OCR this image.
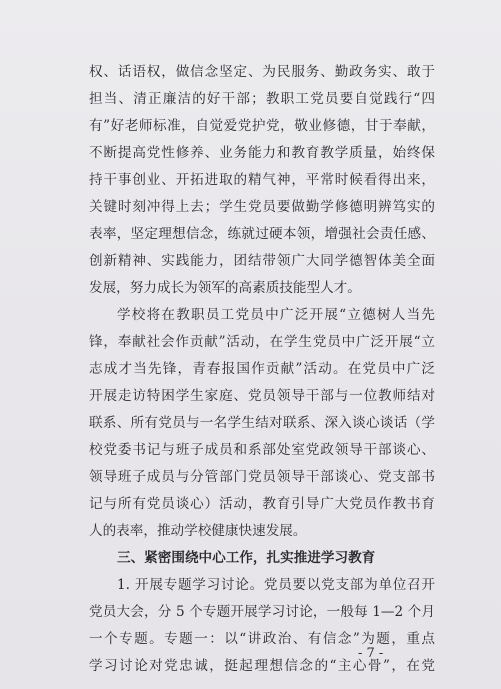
权、话语权，做信念坚定、为民服务、勤政务实、敢于
担当、清正廉洁的好干部；教职工党员要自觉践行“四
有”好老师标准，自觉爱党护党，敬业修德，甘于奉献，
不断提高党性修养、业务能力和教育教学质量，始终保
持干事创业、开拓进取的精气神，平常时候看得出来，
关键时刻冲得上去；学生党员要做勤学修德明辨笃实的
表率，坚定理想信念，练就过硬本领，增强社会责任感、
创新精神、实践能力，团结带领广大同学德智体美全面
发展，努力成长为领军的高素质技能型人才。
学校将在教职员工党员中广泛开展“立德树人当先
锋，奉献社会作贡献”活动，在学生党员中广泛开展“立
志成才当先锋，青春报国作贡献”活动。在党员中广泛
开展走访特困学生家庭、党员领导干部与一位教师结对
联系、所有党员与一名学生结对联系、深入谈心谈话（学
校党委书记与班子成员和系部处室党政领导干部谈心、
领导班子成员与分管部门党员领导干部谈心、党支部书
记与所有党员谈心）活动，教育引导广大党员作教书育
人的表率，推动学校健康快速发展。
三、紧密围绕中心工作，扎实推进学习教育
1. 开展专题学习讨论。党员要以党支部为单位召开
党员大会，分 5 个专题开展学习讨论，一般每 1—2 个月
一个专题。专题一：以“讲政治、有信念”为题，重点
学习讨论对党忠诚，挺起理想信念的“主心骨”，在党
- 7 -
